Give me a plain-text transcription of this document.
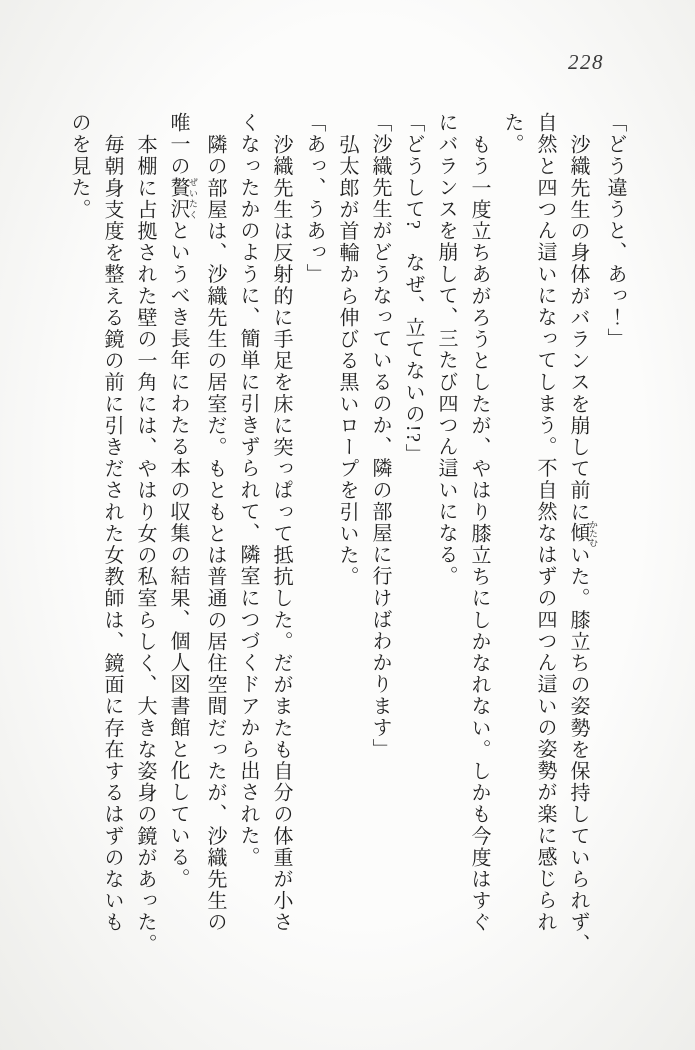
228

「どう違うと、あっ！」

沙織先生の身体がバランスを崩して前に傾 かたむいた。膝立ちの姿勢を保持していられず、

自然と四つん這いになってしまう。不自然なはずの四つん這いの姿勢が楽に感じられ

た。

もう一度立ちあがろうとしたが、やはり膝立ちにしかなれない。しかも今度はすぐ

にバランスを崩して、三たび四つん這いになる。

「どうして?　なぜ、立てないの!?」

「沙織先生がどうなっているのか、隣の部屋に行けばわかります」

弘太郎が首輪から伸びる黒いロープを引いた。

「あっ、うあっ」

沙織先生は反射的に手足を床に突っぱって抵抗した。だがまたも自分の体重が小さ

くなったかのように、簡単に引きずられて、隣室につづくドアから出された。

隣の部屋は、沙織先生の居室だ。もともとは普通の居住空間だったが、沙織先生の

唯一の贅沢 ぜいたくというべき長年にわたる本の収集の結果、個人図書館と化している。

本棚に占拠された壁の一角には、やはり女の私室らしく、大きな姿身の鏡があった。

毎朝身支度を整える鏡の前に引きだされた女教師は、鏡面に存在するはずのないも

のを見た。
